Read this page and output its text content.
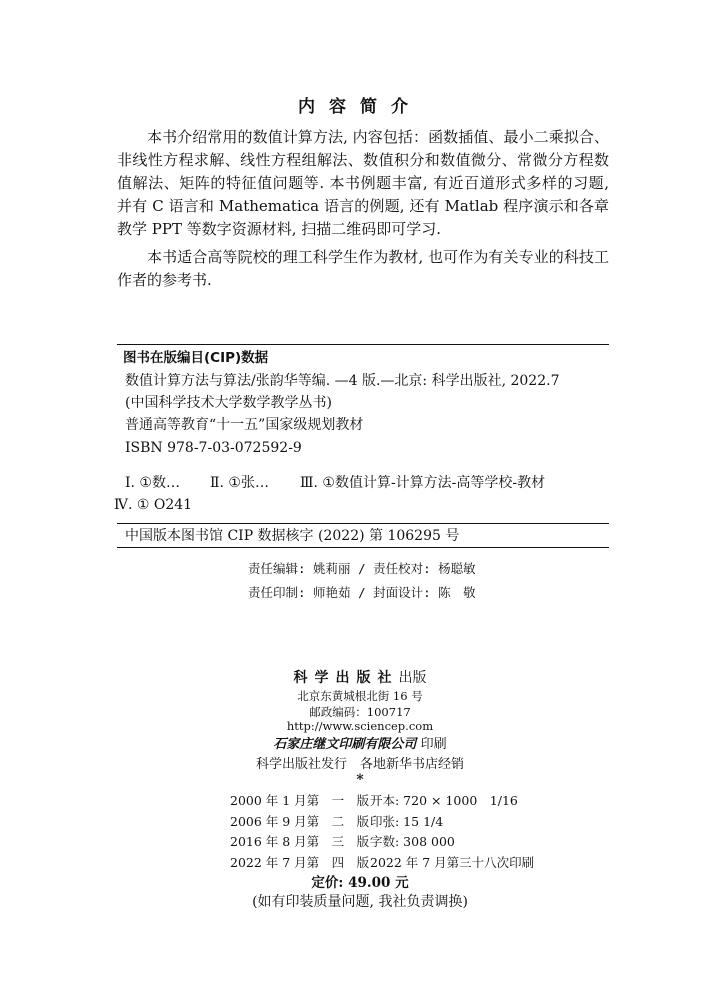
内容简介

本书介绍常用的数值计算方法, 内容包括：函数插值、最小二乘拟合、非线性方程求解、线性方程组解法、数值积分和数值微分、常微分方程数值解法、矩阵的特征值问题等. 本书例题丰富, 有近百道形式多样的习题, 并有 C 语言和 Mathematica 语言的例题, 还有 Matlab 程序演示和各章教学 PPT 等数字资源材料, 扫描二维码即可学习.

本书适合高等院校的理工科学生作为教材, 也可作为有关专业的科技工作者的参考书.

图书在版编目(CIP)数据
数值计算方法与算法/张韵华等编. —4 版.—北京: 科学出版社, 2022.7
(中国科学技术大学数学教学丛书)
普通高等教育“十一五”国家级规划教材
ISBN 978-7-03-072592-9
Ⅰ. ①数… Ⅱ. ①张… Ⅲ. ①数值计算-计算方法-高等学校-教材
Ⅳ. ① O241
中国版本图书馆 CIP 数据核字 (2022) 第 106295 号
责任编辑: 姚莉丽 / 责任校对: 杨聪敏
责任印制: 师艳茹 / 封面设计: 陈　敬
科学出版社出版
北京东黄城根北街 16 号
邮政编码：100717
http://www.sciencep.com
石家庄继文印刷有限公司 印刷
科学出版社发行　各地新华书店经销
*
2000 年 1 月第　一　版 开本: 720 × 1000　1/16
2006 年 9 月第　二　版 印张: 15 1/4
2016 年 8 月第　三　版 字数: 308 000
2022 年 7 月第　四　版 2022 年 7 月第三十八次印刷
定价: 49.00 元
(如有印装质量问题, 我社负责调换)
